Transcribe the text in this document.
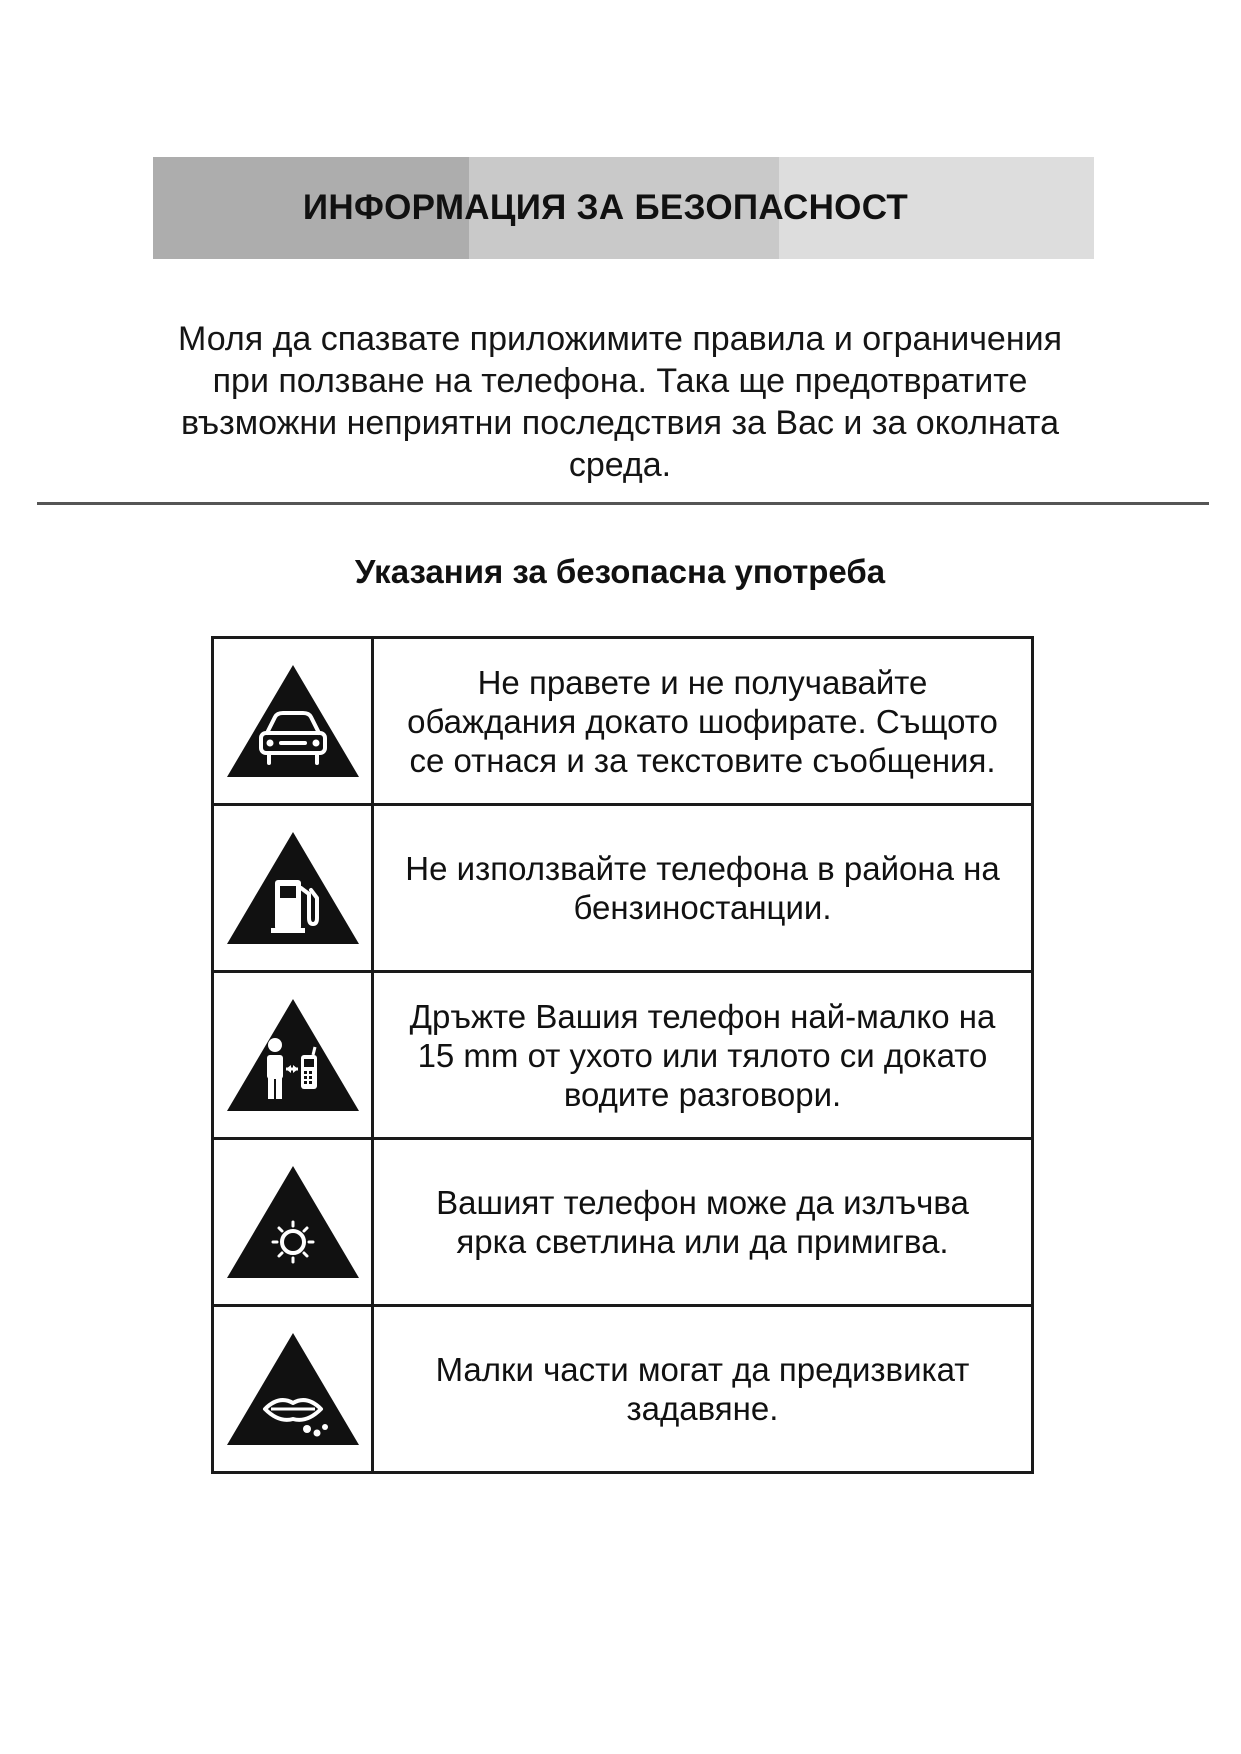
ИНФОРМАЦИЯ ЗА БЕЗОПАСНОСТ
Моля да спазвате приложимите правила и ограничения
при ползване на телефона. Така ще предотвратите
възможни неприятни последствия за Вас и за околната
среда.
Указания за безопасна употреба
Не правете и не получавайте
обаждания докато шофирате. Същото
се отнася и за текстовите съобщения.
Не използвайте телефона в района на
бензиностанции.
Дръжте Вашия телефон най-малко на
15 mm от ухото или тялото си докато
водите разговори.
Вашият телефон може да излъчва
ярка светлина или да примигва.
Малки части могат да предизвикат
задавяне.
